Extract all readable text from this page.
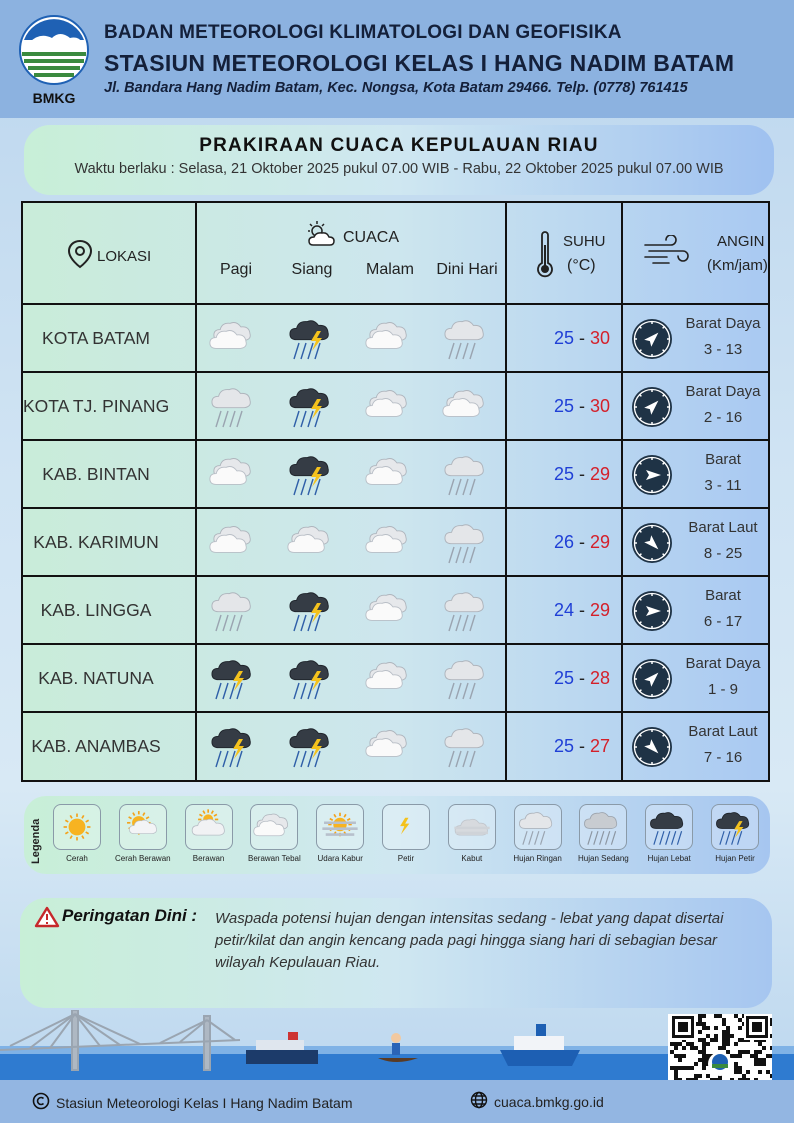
BMKG
BADAN METEOROLOGI KLIMATOLOGI DAN GEOFISIKA
STASIUN METEOROLOGI KELAS I HANG NADIM BATAM
Jl. Bandara Hang Nadim Batam, Kec. Nongsa, Kota Batam 29466. Telp. (0778) 761415
PRAKIRAAN CUACA KEPULAUAN RIAU
Waktu berlaku : Selasa, 21 Oktober 2025 pukul 07.00 WIB - Rabu, 22 Oktober 2025 pukul 07.00 WIB
LOKASI
CUACA
Pagi	Siang	Malam	Dini Hari
SUHU
(°C)
ANGIN
(Km/jam)
KOTA BATAM	25 - 30
Barat Daya
3 - 13
KOTA TJ. PINANG	25 - 30
Barat Daya
2 - 16
KAB. BINTAN	25 - 29
Barat
3 - 11
KAB. KARIMUN	26 - 29
Barat Laut
8 - 25
KAB. LINGGA	24 - 29
Barat
6 - 17
KAB. NATUNA	25 - 28
Barat Daya
1 - 9
KAB. ANAMBAS	25 - 27
Barat Laut
7 - 16
Legenda	Cerah	Cerah Berawan	Berawan	Berawan Tebal	Udara Kabur	Petir	Kabut	Hujan Ringan	Hujan Sedang	Hujan Lebat	Hujan Petir
Peringatan Dini : Waspada potensi hujan dengan intensitas sedang - lebat yang dapat disertai petir/kilat dan angin kencang pada pagi hingga siang hari di sebagian besar wilayah Kepulauan Riau.
Stasiun Meteorologi Kelas I Hang Nadim Batam	cuaca.bmkg.go.id
